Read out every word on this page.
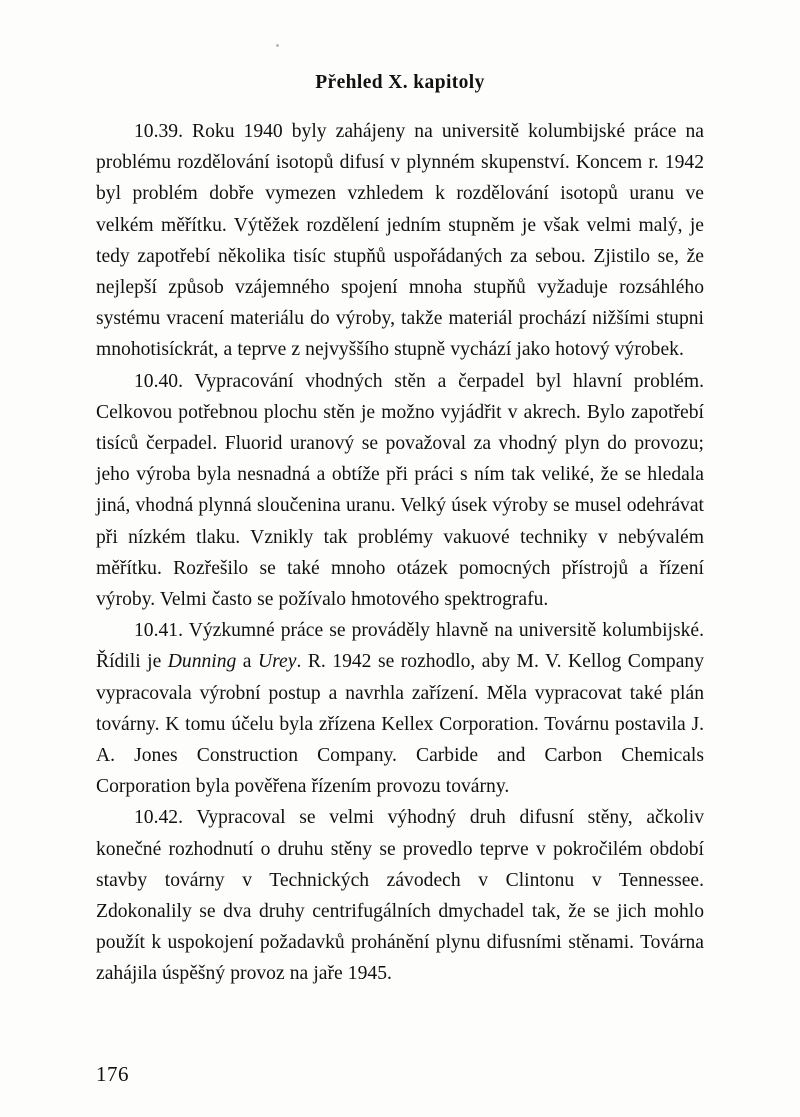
Přehled X. kapitoly

10.39. Roku 1940 byly zahájeny na universitě kolumbijské práce na problému rozdělování isotopů difusí v plynném skupenství. Koncem r. 1942 byl problém dobře vymezen vzhledem k rozdělování isotopů uranu ve velkém měřítku. Výtěžek rozdělení jedním stupněm je však velmi malý, je tedy zapotřebí několika tisíc stupňů uspořádaných za sebou. Zjistilo se, že nejlepší způsob vzájemného spojení mnoha stupňů vyžaduje rozsáhlého systému vracení materiálu do výroby, takže materiál prochází nižšími stupni mnohotisíckrát, a teprve z nejvyššího stupně vychází jako hotový výrobek.

10.40. Vypracování vhodných stěn a čerpadel byl hlavní problém. Celkovou potřebnou plochu stěn je možno vyjádřit v akrech. Bylo zapotřebí tisíců čerpadel. Fluorid uranový se považoval za vhodný plyn do provozu; jeho výroba byla nesnadná a obtíže při práci s ním tak veliké, že se hledala jiná, vhodná plynná sloučenina uranu. Velký úsek výroby se musel odehrávat při nízkém tlaku. Vznikly tak problémy vakuové techniky v nebývalém měřítku. Rozřešilo se také mnoho otázek pomocných přístrojů a řízení výroby. Velmi často se požívalo hmotového spektrografu.

10.41. Výzkumné práce se prováděly hlavně na universitě kolumbijské. Řídili je Dunning a Urey. R. 1942 se rozhodlo, aby M. V. Kellog Company vypracovala výrobní postup a navrhla zařízení. Měla vypracovat také plán továrny. K tomu účelu byla zřízena Kellex Corporation. Továrnu postavila J. A. Jones Construction Company. Carbide and Carbon Chemicals Corporation byla pověřena řízením provozu továrny.

10.42. Vypracoval se velmi výhodný druh difusní stěny, ačkoliv konečné rozhodnutí o druhu stěny se provedlo teprve v pokročilém období stavby továrny v Technických závodech v Clintonu v Tennessee. Zdokonalily se dva druhy centrifugálních dmychadel tak, že se jich mohlo použít k uspokojení požadavků prohánění plynu difusními stěnami. Továrna zahájila úspěšný provoz na jaře 1945.

176
